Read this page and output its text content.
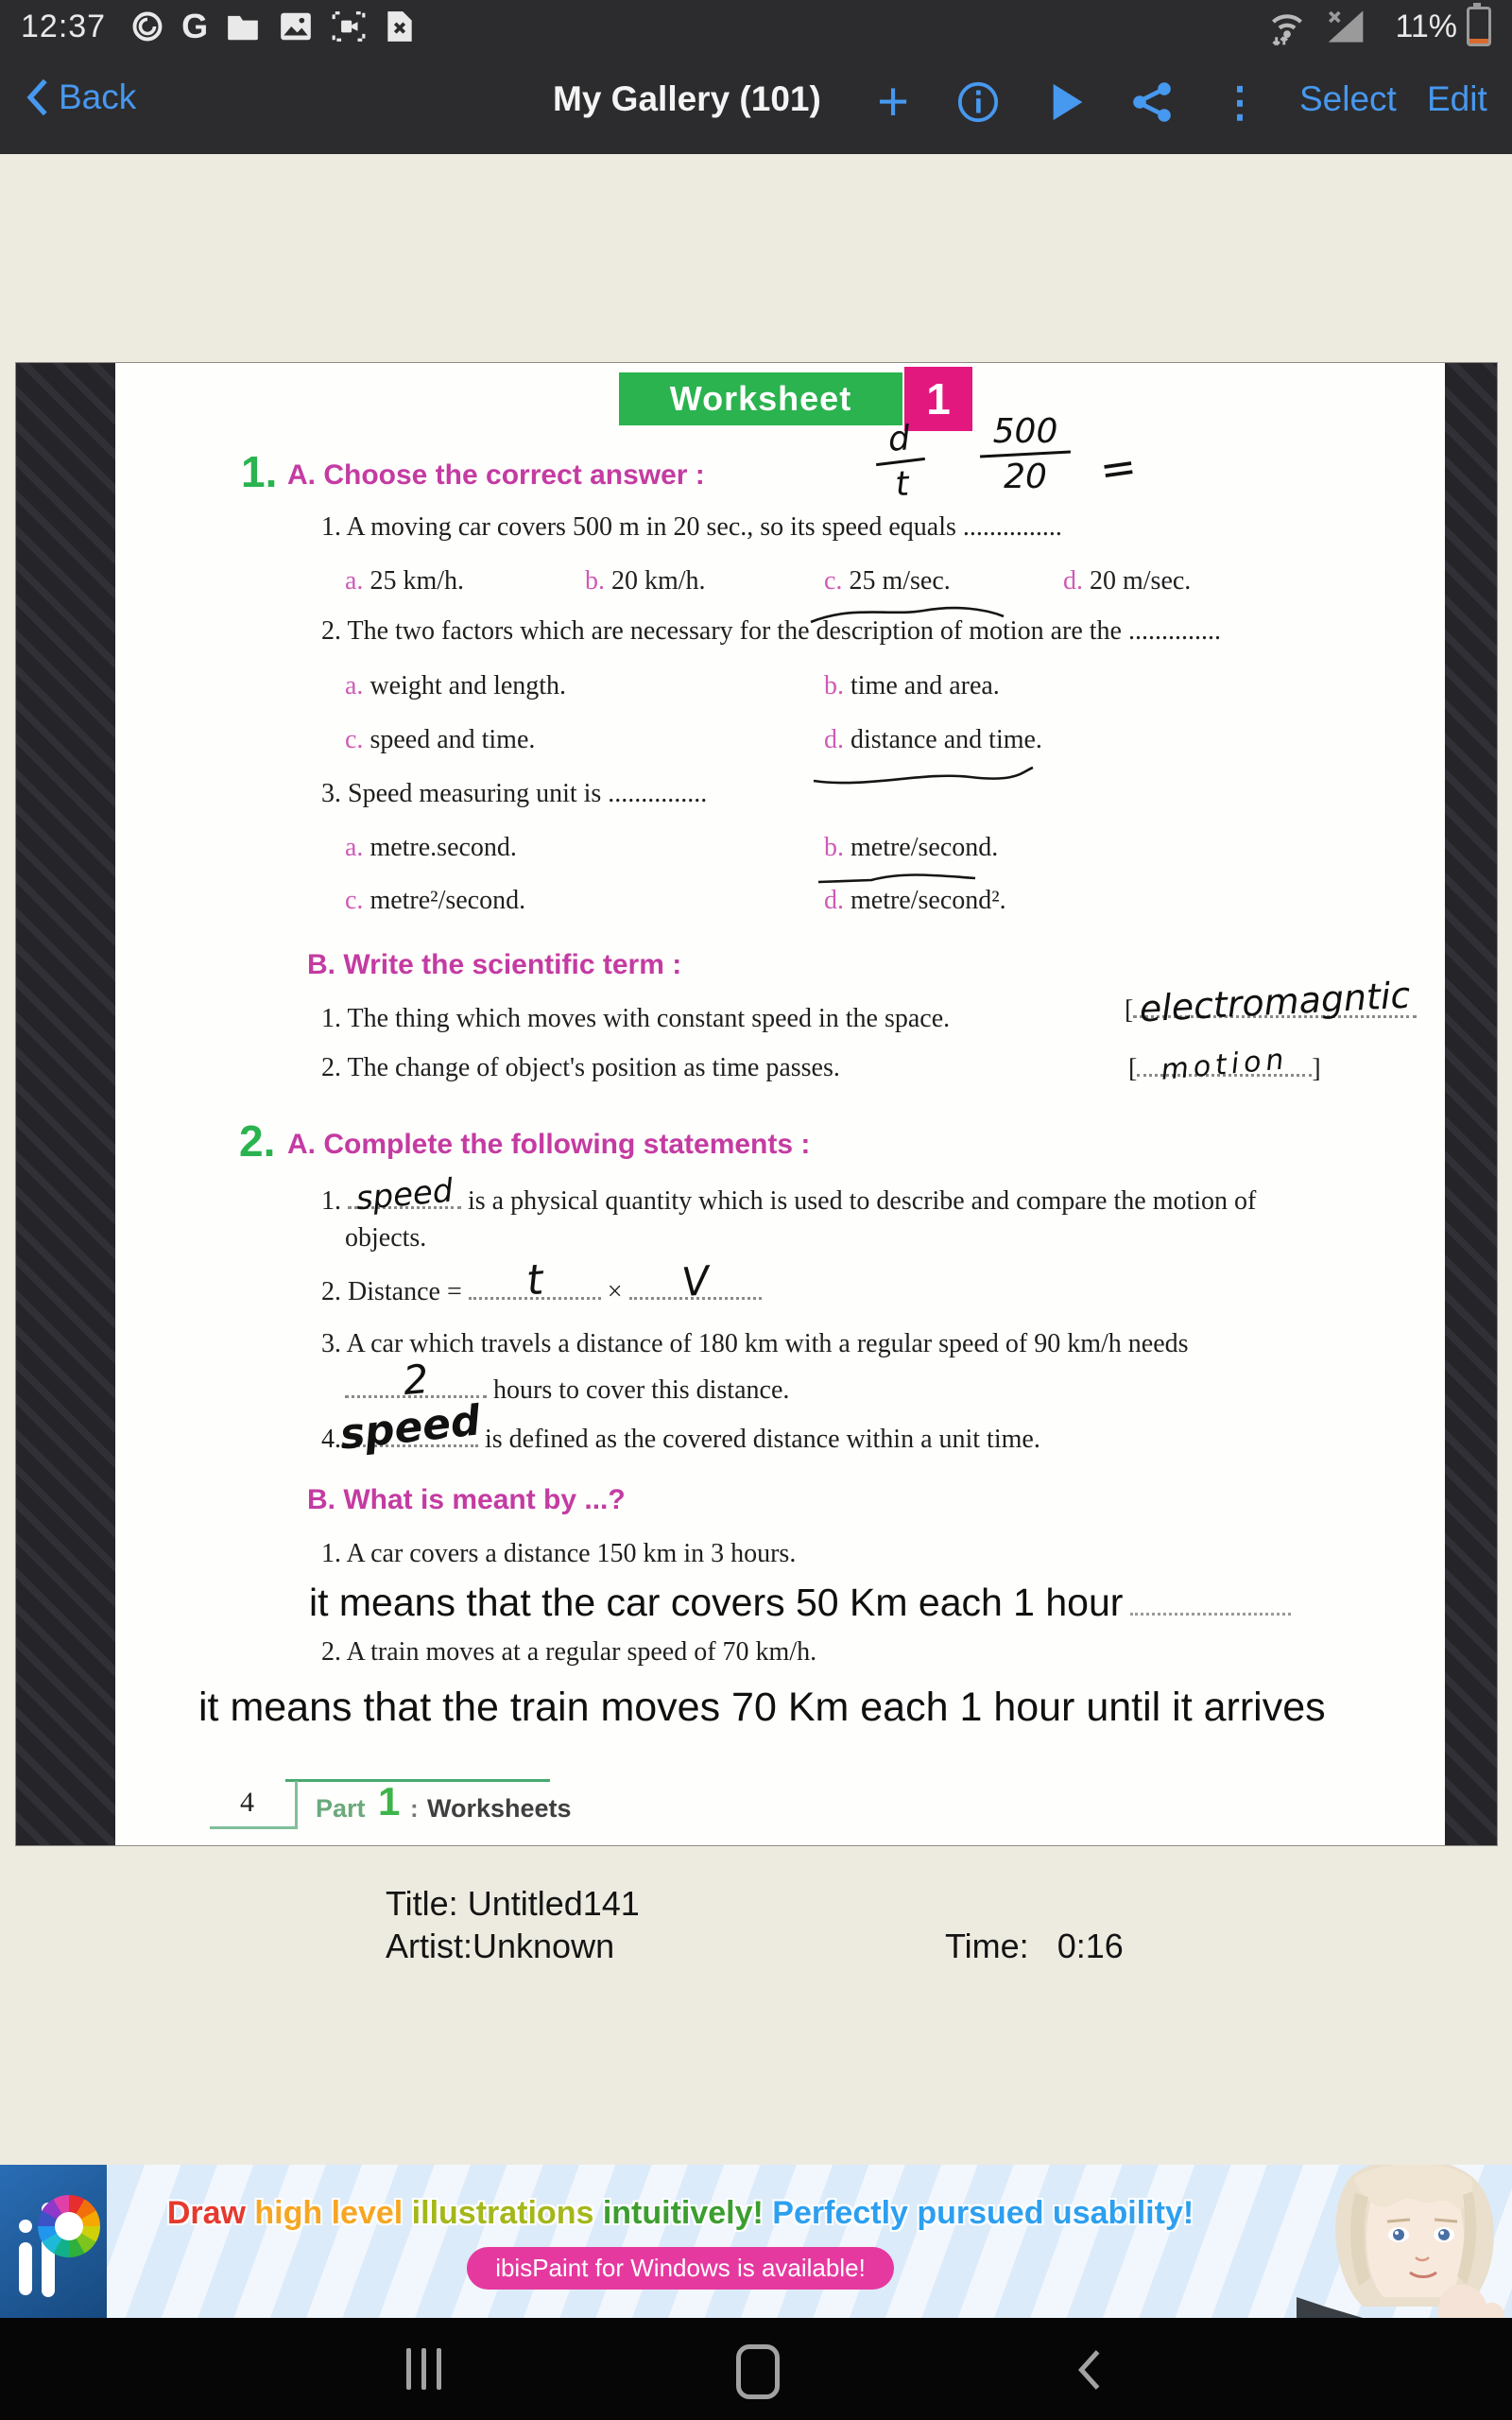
12:37 G	11%
Back	My Gallery (101) +	⋮ Select Edit
Worksheet	1
d
t
500
20 =
1. A. Choose the correct answer :
1. A moving car covers 500 m in 20 sec., so its speed equals ...............
a. 25 km/h.	b. 20 km/h.	c. 25 m/sec.	d. 20 m/sec.
2. The two factors which are necessary for the description of motion are the ..............
a. weight and length.	b. time and area.
c. speed and time.	d. distance and time.
3. Speed measuring unit is ...............
a. metre.second.	b. metre/second.
c. metre²/second.	d. metre/second².
B. Write the scientific term :
1. The thing which moves with constant speed in the space.	[ electromagntic
2. The change of object's position as time passes.	[ motion ]
2. A. Complete the following statements :
1. speed is a physical quantity which is used to describe and compare the motion of
objects.
2. Distance = t × V
3. A car which travels a distance of 180 km with a regular speed of 90 km/h needs
2 hours to cover this distance.
4.
speed is defined as the covered distance within a unit time.
B. What is meant by ...?
1. A car covers a distance 150 km in 3 hours.
it means that the car covers 50 Km each 1 hour
2. A train moves at a regular speed of 70 km/h.
it means that the train moves 70 Km each 1 hour until it arrives
4 Part 1 : Worksheets
Title: Untitled141
Artist:Unknown	Time: 0:16
Draw high level illustrations intuitively! Perfectly pursued usability!
ibisPaint for Windows is available!
